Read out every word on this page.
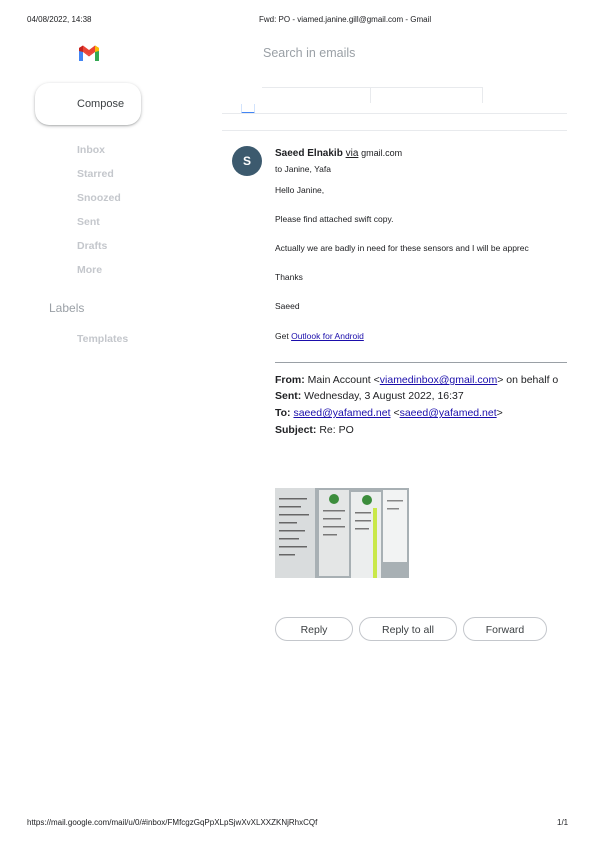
04/08/2022, 14:38	Fwd: PO - viamed.janine.gill@gmail.com - Gmail
Search in emails
Compose
Inbox
Starred
Snoozed
Sent
Drafts
More
Labels
Templates
S
Saeed Elnakib via gmail.com
to Janine, Yafa
Hello Janine,
Please find attached swift copy.
Actually we are badly in need for these sensors and I will be apprec
Thanks
Saeed
Get Outlook for Android
From: Main Account <viamedinbox@gmail.com> on behalf o
Sent: Wednesday, 3 August 2022, 16:37
To: saeed@yafamed.net <saeed@yafamed.net>
Subject: Re: PO
Reply	Reply to all	Forward
https://mail.google.com/mail/u/0/#inbox/FMfcgzGqPpXLpSjwXvXLXXZKNjRhxCQf	1/1
